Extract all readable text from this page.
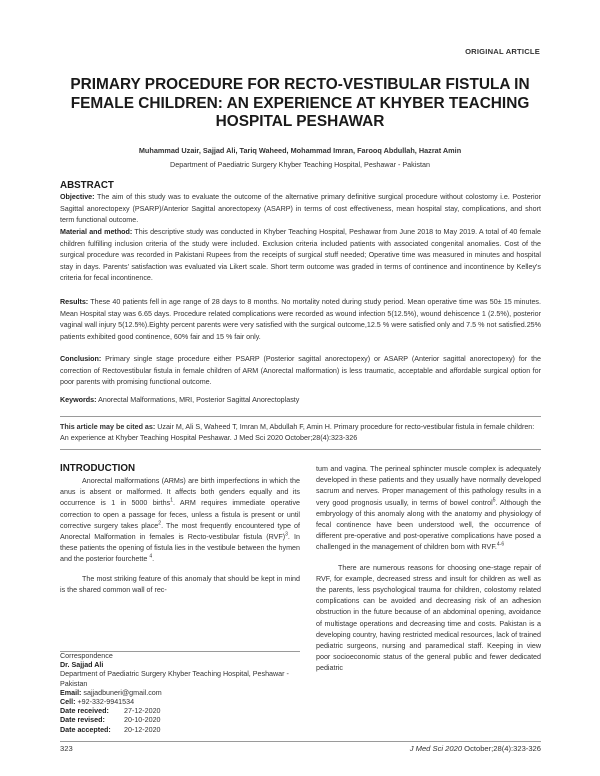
ORIGINAL ARTICLE
PRIMARY PROCEDURE FOR RECTO-VESTIBULAR FISTULA IN FEMALE CHILDREN: AN EXPERIENCE AT KHYBER TEACHING HOSPITAL PESHAWAR
Muhammad Uzair, Sajjad Ali, Tariq Waheed, Mohammad Imran, Farooq Abdullah, Hazrat Amin
Department of Paediatric Surgery Khyber Teaching Hospital, Peshawar - Pakistan
ABSTRACT
Objective: The aim of this study was to evaluate the outcome of the alternative primary definitive surgical procedure without colostomy i.e. Posterior Sagittal anorectopexy (PSARP)/Anterior Sagittal anorectopexy (ASARP) in terms of cost effectiveness, mean hospital stay, complications, and short term functional outcome.
Material and method: This descriptive study was conducted in Khyber Teaching Hospital, Peshawar from June 2018 to May 2019. A total of 40 female children fulfilling inclusion criteria of the study were included. Exclusion criteria included patients with associated congenital anomalies. Cost of the surgical procedure was recorded in Pakistani Rupees from the receipts of surgical stuff needed; Operative time was measured in minutes and hospital stay in days. Parents' satisfaction was evaluated via Likert scale. Short term outcome was graded in terms of continence and incontinence by Kelley's criteria for fecal incontinence.
Results: These 40 patients fell in age range of 28 days to 8 months. No mortality noted during study period. Mean operative time was 50± 15 minutes. Mean Hospital stay was 6.65 days. Procedure related complications were recorded as wound infection 5(12.5%), wound dehiscence 1 (2.5%), posterior vaginal wall injury 5(12.5%).Eighty percent parents were very satisfied with the surgical outcome,12.5 % were satisfied only and 7.5 % not satisfied.25% patients exhibited good continence, 60% fair and 15 % fair only.
Conclusion: Primary single stage procedure either PSARP (Posterior sagittal anorectopexy) or ASARP (Anterior sagittal anorectopexy) for the correction of Rectovestibular fistula in female children of ARM (Anorectal malformation) is less traumatic, acceptable and affordable surgical option for poor parents with promising functional outcome.
Keywords: Anorectal Malformations, MRI, Posterior Sagittal Anorectoplasty
This article may be cited as: Uzair M, Ali S, Waheed T, Imran M, Abdullah F, Amin H. Primary procedure for recto-vestibular fistula in female children: An experience at Khyber Teaching Hospital Peshawar. J Med Sci 2020 October;28(4):323-326
INTRODUCTION

Anorectal malformations (ARMs) are birth imperfections in which the anus is absent or malformed. It affects both genders equally and its occurrence is 1 in 5000 births$^1$. ARM requires immediate operative correction to open a passage for feces, unless a fistula is present or until corrective surgery takes place$^2$. The most frequently encountered type of Anorectal Malformation in females is Recto-vestibular fistula (RVF)$^3$. In these patients the opening of fistula lies in the vestibule between the hymen and the posterior fourchette $^4$.

The most striking feature of this anomaly that should be kept in mind is the shared common wall of rec-

Correspondence
Dr. Sajjad Ali
Department of Paediatric Surgery Khyber Teaching Hospital, Peshawar - Pakistan
Email: sajjadbuneri@gmail.com
Cell: +92-332-9941534
Date received: 27-12-2020
Date revised:	20-10-2020
Date accepted: 20-12-2020

tum and vagina. The perineal sphincter muscle complex is adequately developed in these patients and they usually have normally developed sacrum and nerves. Proper management of this pathology results in a very good prognosis usually, in terms of bowel control$^5$. Although the embryology of this anomaly along with the anatomy and physiology of fecal continence have been understood well, the occurrence of different pre-operative and post-operative complications have posed a challenged in the management of children born with RVF.$^{4-6}$

There are numerous reasons for choosing one-stage repair of RVF, for example, decreased stress and insult for children as well as the parents, less psychological trauma for children, colostomy related complications can be avoided and decreasing risk of an adhesion obstruction in the future because of an abdominal opening, avoidance of multistage operations and decreasing time and costs. Pakistan is a developing country, having restricted medical resources, lack of trained pediatric surgeons, nursing and paramedical staff. Keeping in view poor socioeconomic status of the general public and fewer dedicated pediatric

323	J Med Sci 2020 October;28(4):323-326
